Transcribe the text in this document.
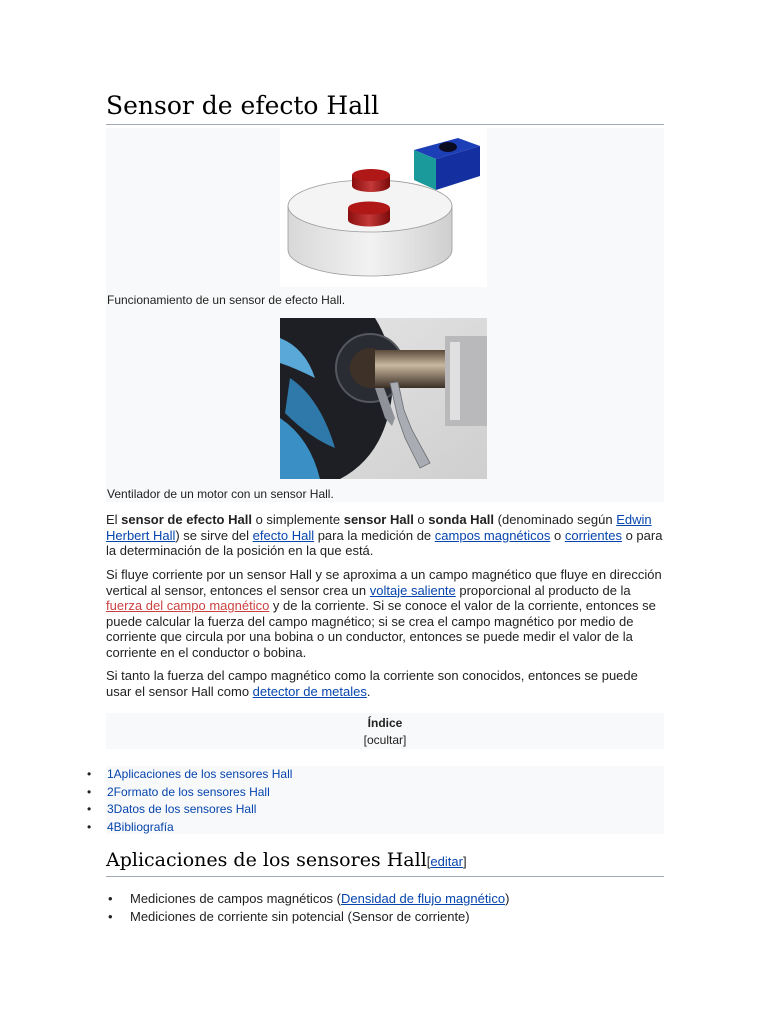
Sensor de efecto Hall
Funcionamiento de un sensor de efecto Hall.
Ventilador de un motor con un sensor Hall.

El sensor de efecto Hall o simplemente sensor Hall o sonda Hall (denominado según Edwin Herbert Hall) se sirve del efecto Hall para la medición de campos magnéticos o corrientes o para la determinación de la posición en la que está.

Si fluye corriente por un sensor Hall y se aproxima a un campo magnético que fluye en dirección vertical al sensor, entonces el sensor crea un voltaje saliente proporcional al producto de la fuerza del campo magnético y de la corriente. Si se conoce el valor de la corriente, entonces se puede calcular la fuerza del campo magnético; si se crea el campo magnético por medio de corriente que circula por una bobina o un conductor, entonces se puede medir el valor de la corriente en el conductor o bobina.

Si tanto la fuerza del campo magnético como la corriente son conocidos, entonces se puede usar el sensor Hall como detector de metales.

Índice
[ocultar]
• 1Aplicaciones de los sensores Hall
• 2Formato de los sensores Hall
• 3Datos de los sensores Hall
• 4Bibliografía
Aplicaciones de los sensores Hall[editar]
• Mediciones de campos magnéticos (Densidad de flujo magnético)
• Mediciones de corriente sin potencial (Sensor de corriente)
